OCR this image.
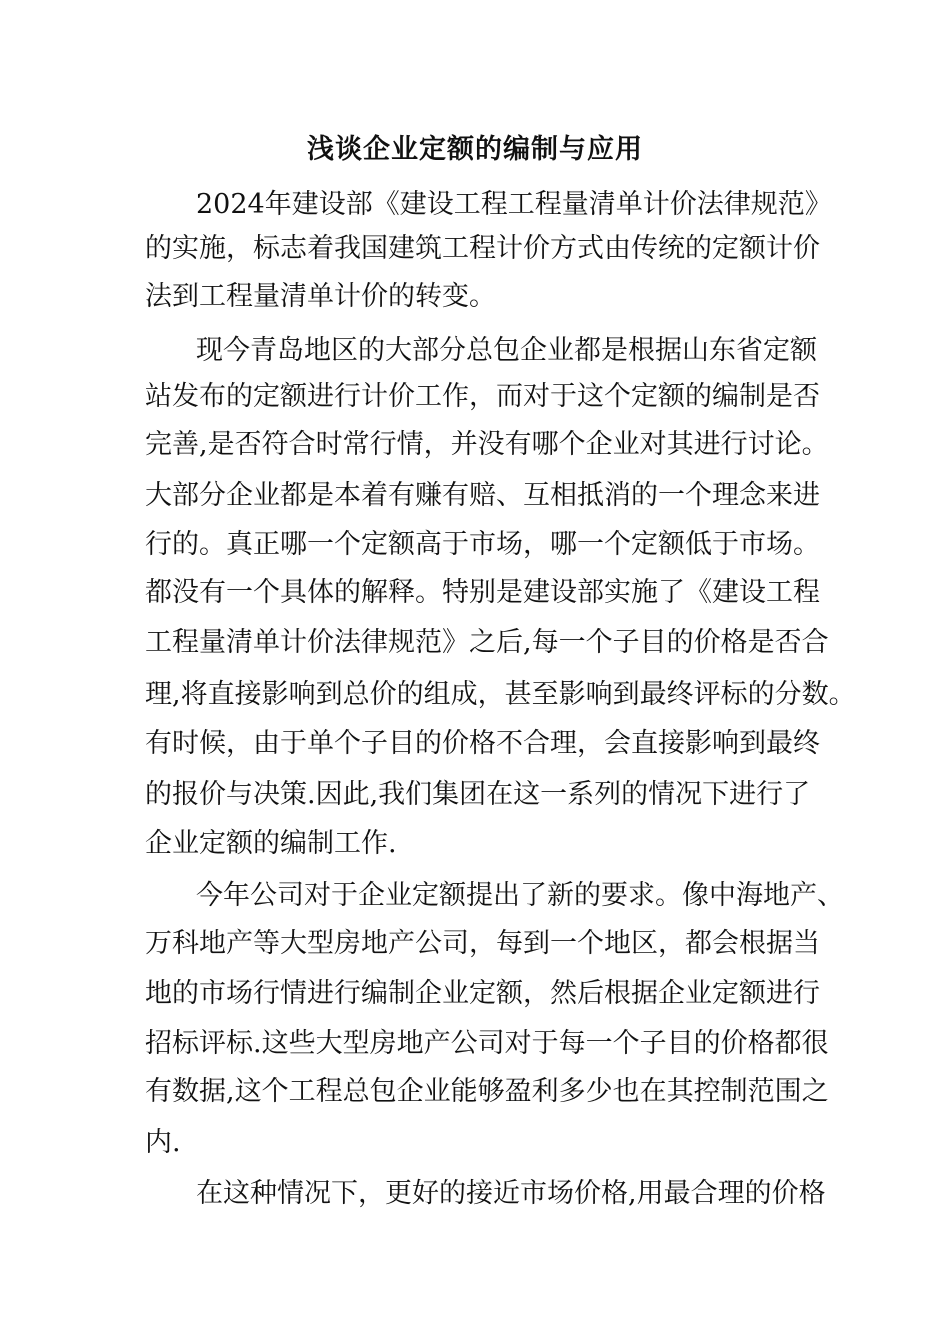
浅谈企业定额的编制与应用
2024年建设部《建设工程工程量清单计价法律规范》
的实施，标志着我国建筑工程计价方式由传统的定额计价
法到工程量清单计价的转变。
现今青岛地区的大部分总包企业都是根据山东省定额
站发布的定额进行计价工作，而对于这个定额的编制是否
完善,是否符合时常行情，并没有哪个企业对其进行讨论。
大部分企业都是本着有赚有赔、互相抵消的一个理念来进
行的。真正哪一个定额高于市场，哪一个定额低于市场。
都没有一个具体的解释。特别是建设部实施了《建设工程
工程量清单计价法律规范》之后,每一个子目的价格是否合
理,将直接影响到总价的组成，甚至影响到最终评标的分数。
有时候，由于单个子目的价格不合理，会直接影响到最终
的报价与决策.因此,我们集团在这一系列的情况下进行了
企业定额的编制工作.
今年公司对于企业定额提出了新的要求。像中海地产、
万科地产等大型房地产公司，每到一个地区，都会根据当
地的市场行情进行编制企业定额，然后根据企业定额进行
招标评标.这些大型房地产公司对于每一个子目的价格都很
有数据,这个工程总包企业能够盈利多少也在其控制范围之
内.
在这种情况下，更好的接近市场价格,用最合理的价格
